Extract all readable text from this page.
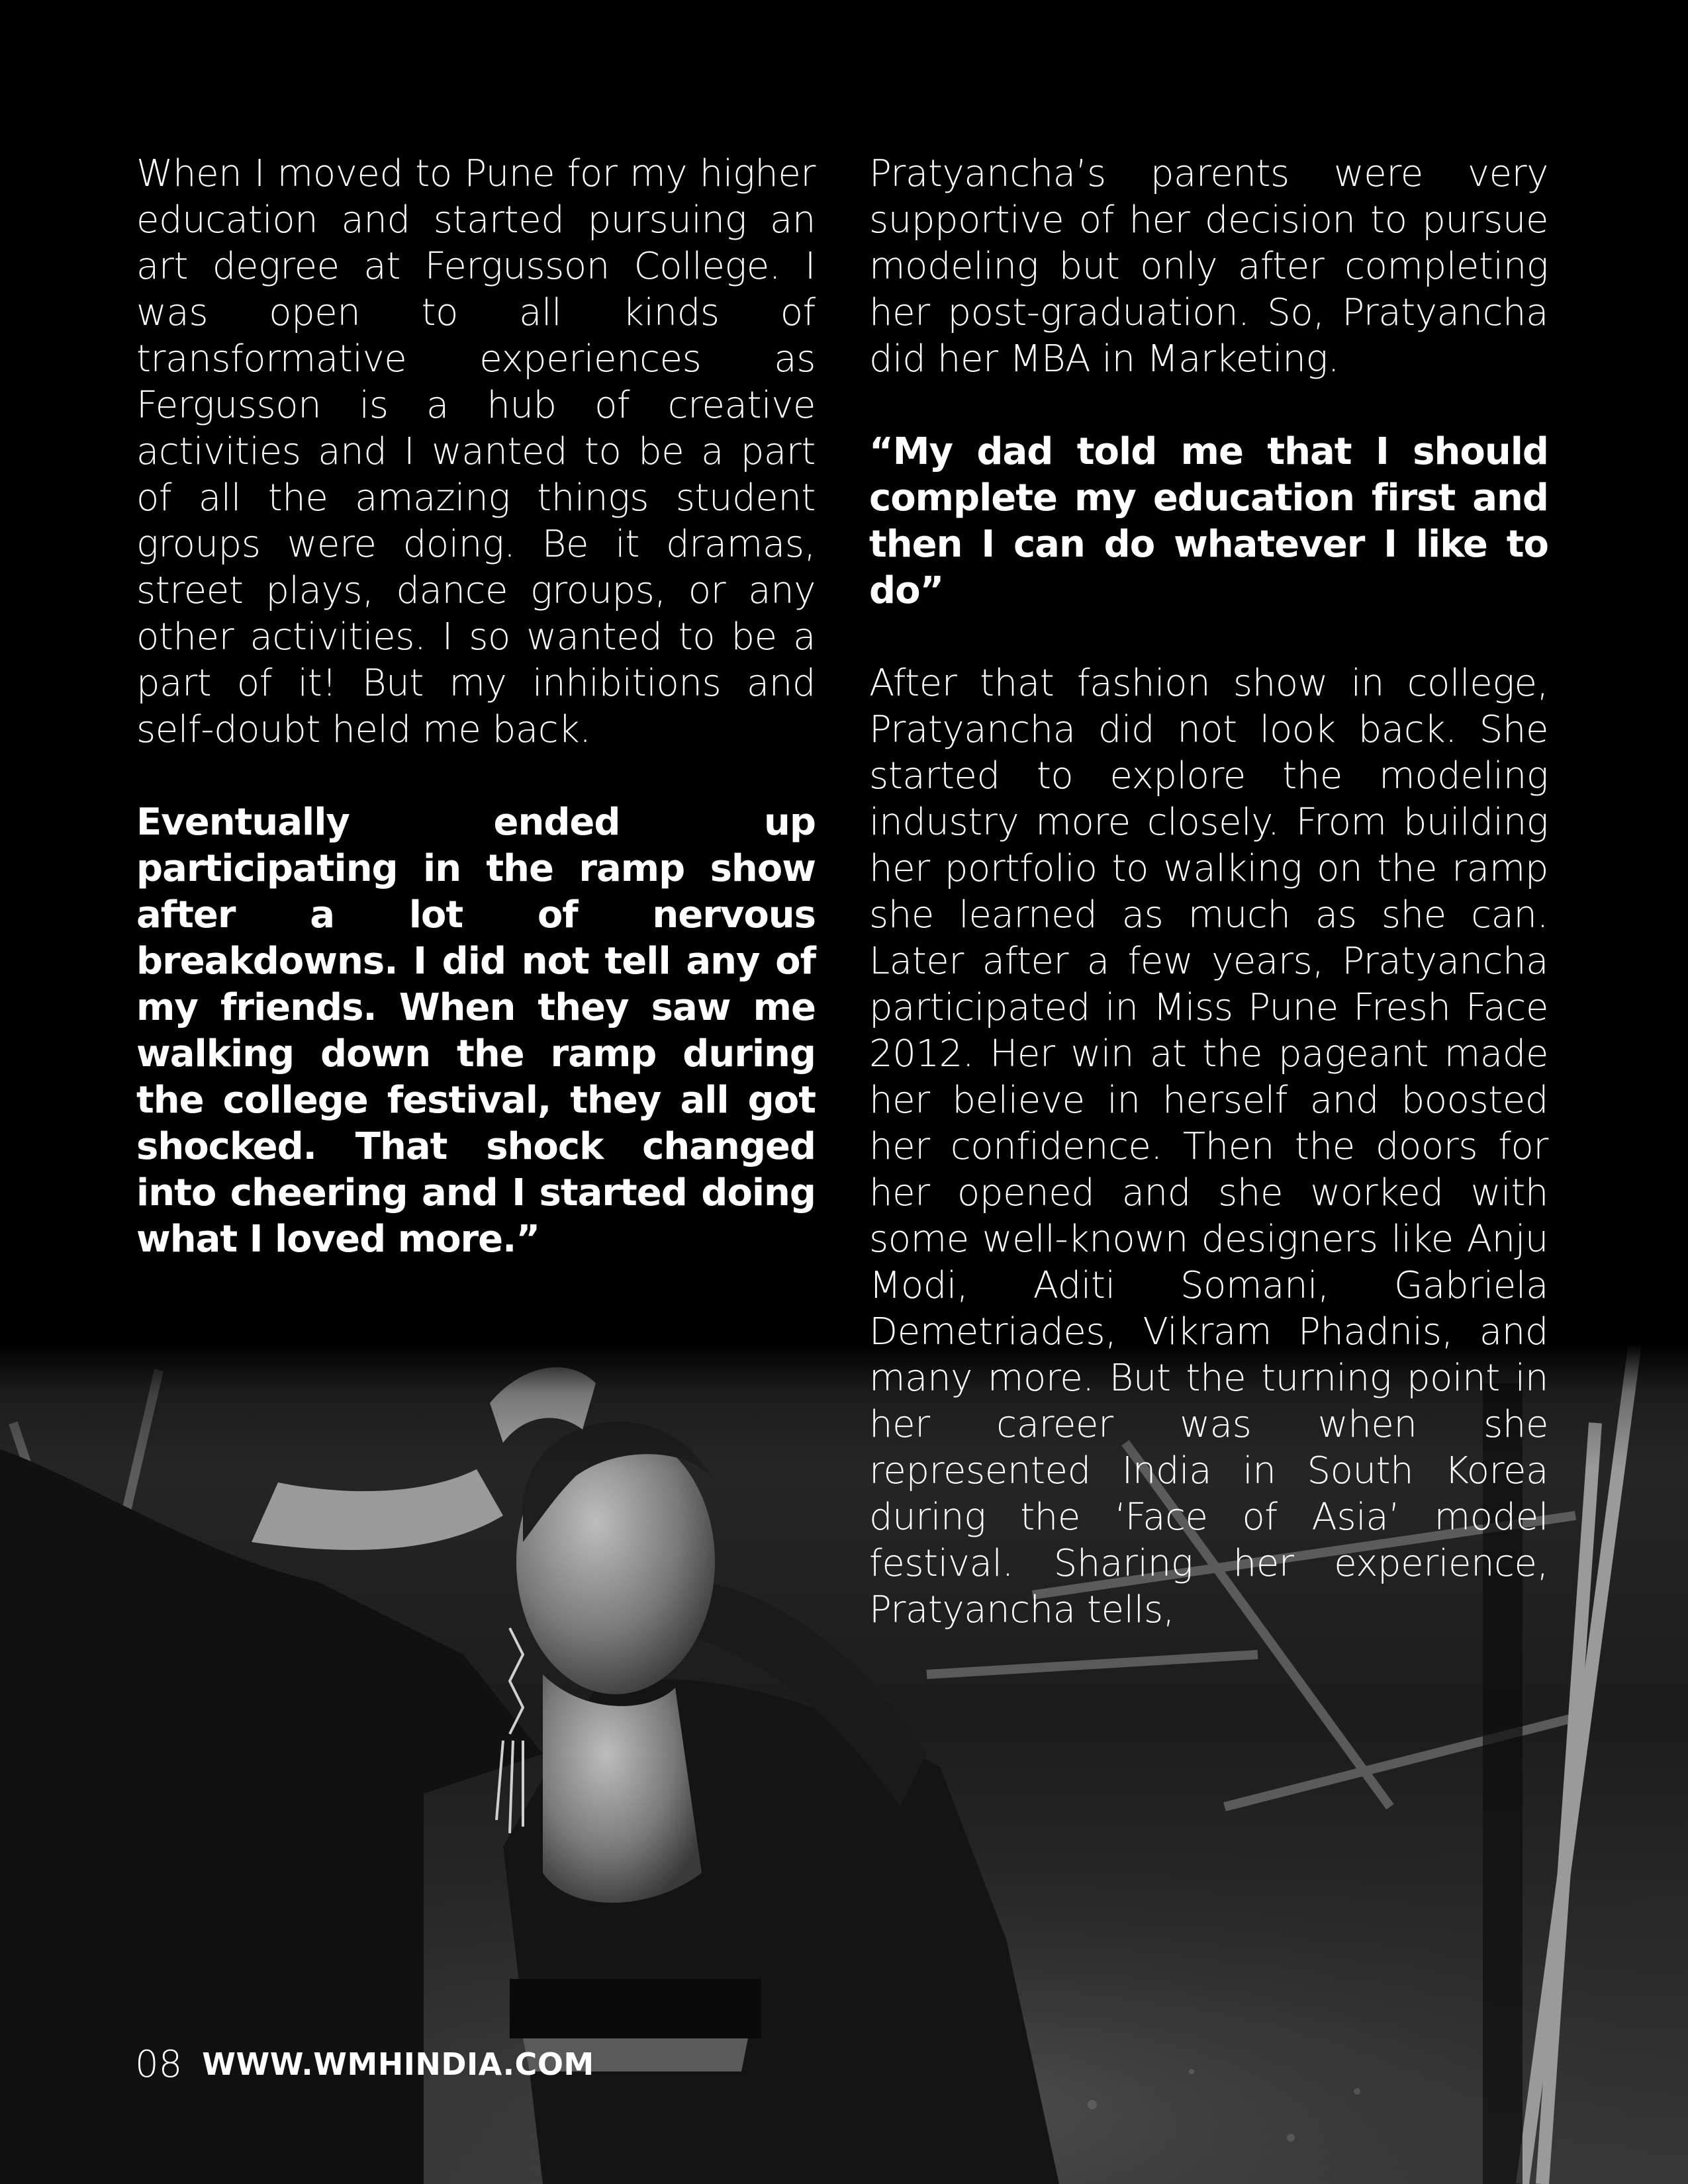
When I moved to Pune for my higher education and started pursuing an art degree at Fergusson College. I was open to all kinds of transformative experiences as Fergusson is a hub of creative activities and I wanted to be a part of all the amazing things student groups were doing. Be it dramas, street plays, dance groups, or any other activities. I so wanted to be a part of it! But my inhibitions and self-doubt held me back.

Eventually ended up participating in the ramp show after a lot of nervous breakdowns. I did not tell any of my friends. When they saw me walking down the ramp during the college festival, they all got shocked. That shock changed into cheering and I started doing what I loved more.”

Pratyancha’s parents were very supportive of her decision to pursue modeling but only after completing her post-graduation. So, Pratyancha did her MBA in Marketing.

“My dad told me that I should complete my education first and then I can do whatever I like to do”

After that fashion show in college, Pratyancha did not look back. She started to explore the modeling industry more closely. From building her portfolio to walking on the ramp she learned as much as she can. Later after a few years, Pratyancha participated in Miss Pune Fresh Face 2012. Her win at the pageant made her believe in herself and boosted her confidence. Then the doors for her opened and she worked with some well-known designers like Anju Modi, Aditi Somani, Gabriela Demetriades, Vikram Phadnis, and many more. But the turning point in her career was when she represented India in South Korea during the ‘Face of Asia’ model festival. Sharing her experience, Pratyancha tells,

08 WWW.WMHINDIA.COM
